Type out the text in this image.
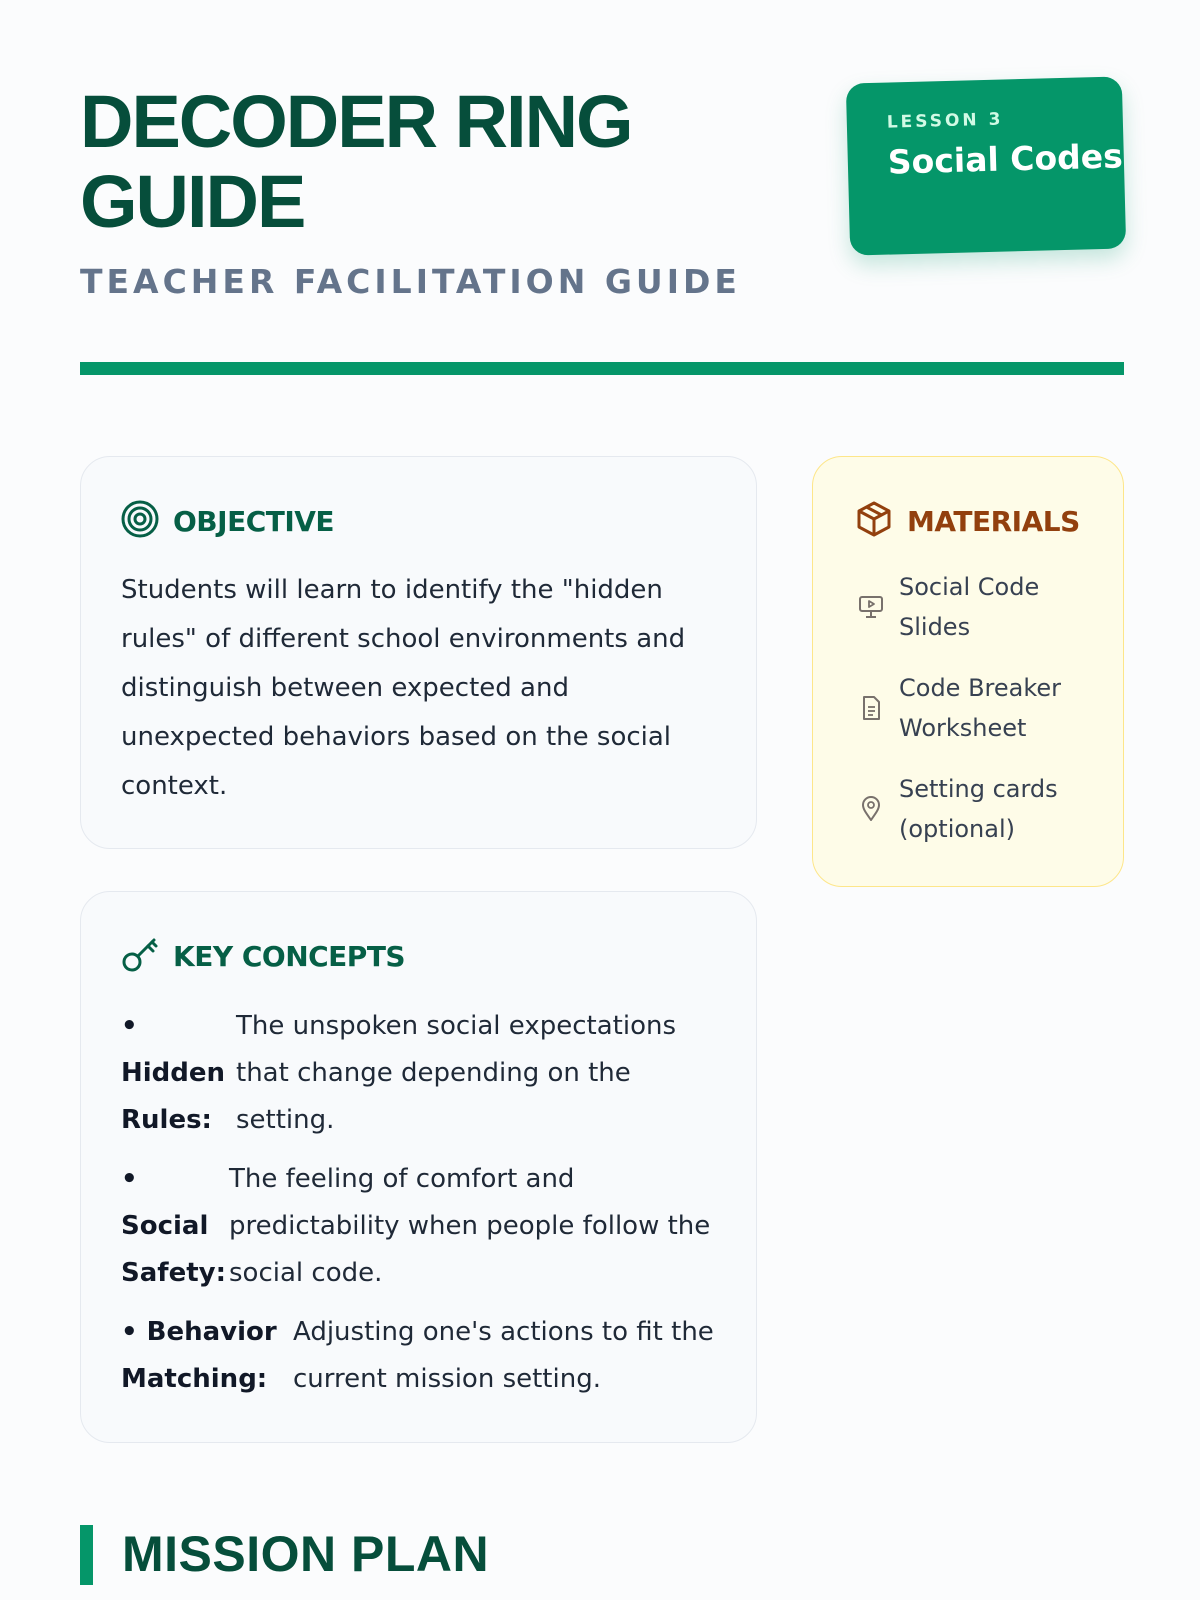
DECODER RING GUIDE
TEACHER FACILITATION GUIDE
LESSON 3
Social Codes
OBJECTIVE
Students will learn to identify the "hidden rules" of different school environments and distinguish between expected and unexpected behaviors based on the social context.
KEY CONCEPTS
• Hidden Rules:
The unspoken social expectations that change depending on the setting.
• Social Safety:
The feeling of comfort and predictability when people follow the social code.
• Behavior Matching:
Adjusting one's actions to fit the current mission setting.
MATERIALS
Social Code Slides
Code Breaker Worksheet
Setting cards (optional)
MISSION PLAN
